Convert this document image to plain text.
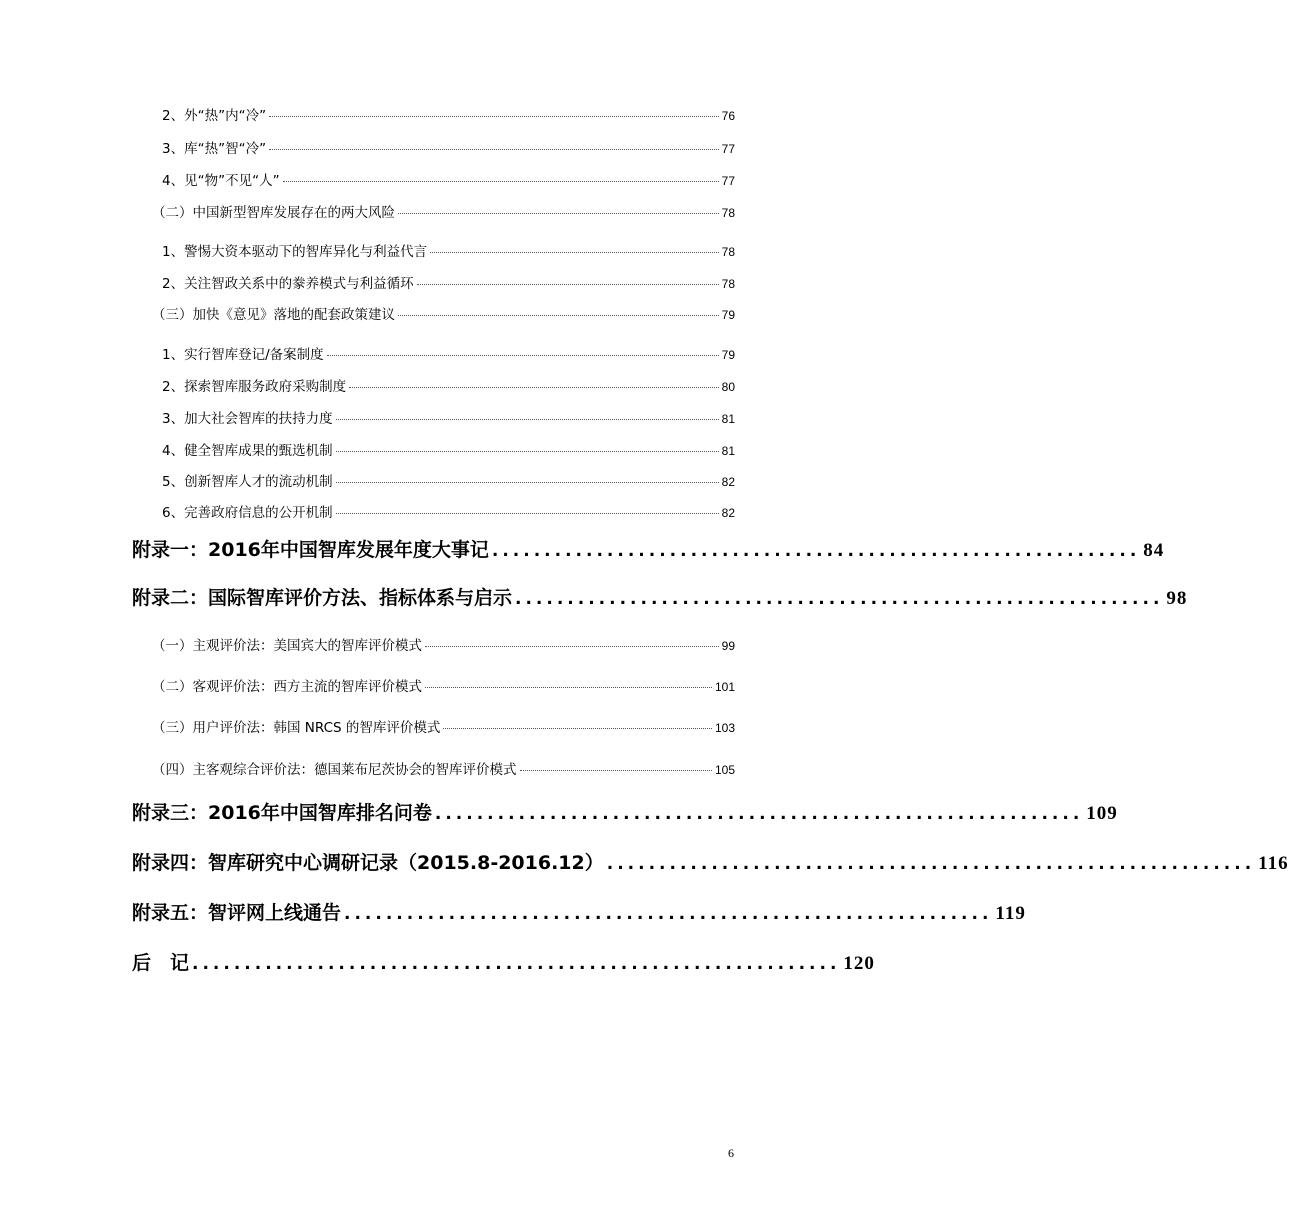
2、外“热”内“冷”	76
3、库“热”智“冷”	77
4、见“物”不见“人”	77
（二）中国新型智库发展存在的两大风险	78
1、警惕大资本驱动下的智库异化与利益代言	78
2、关注智政关系中的豢养模式与利益循环	78
（三）加快《意见》落地的配套政策建议	79
1、实行智库登记/备案制度	79
2、探索智库服务政府采购制度	80
3、加大社会智库的扶持力度	81
4、健全智库成果的甄选机制	81
5、创新智库人才的流动机制	82
6、完善政府信息的公开机制	82
附录一：2016年中国智库发展年度大事记 .............................................................. 84
附录二：国际智库评价方法、指标体系与启示 .............................................................. 98
（一）主观评价法：美国宾大的智库评价模式	99
（二）客观评价法：西方主流的智库评价模式	101
（三）用户评价法：韩国 NRCS 的智库评价模式	103
（四）主客观综合评价法：德国莱布尼茨协会的智库评价模式	105
附录三：2016年中国智库排名问卷 .............................................................. 109
附录四：智库研究中心调研记录（2015.8-2016.12） .............................................................. 116
附录五：智评网上线通告 .............................................................. 119
后　记 .............................................................. 120
6
